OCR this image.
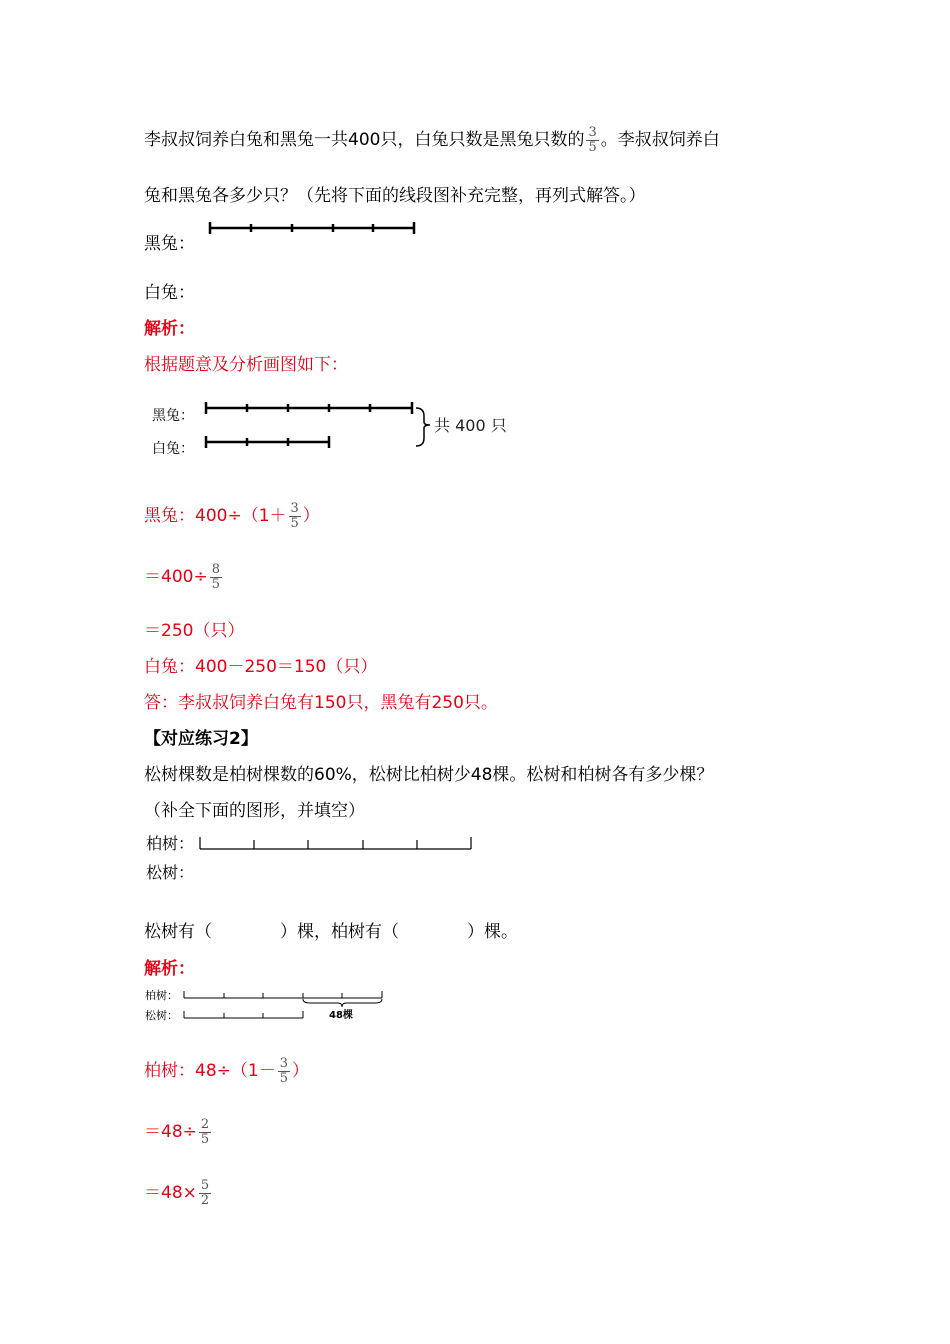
李叔叔饲养白兔和黑兔一共400只，白兔只数是黑兔只数的 $\frac{3}{5}$ 。李叔叔饲养白
兔和黑兔各多少只？（先将下面的线段图补充完整，再列式解答。）
黑兔：
白兔：
解析：
根据题意及分析画图如下：
黑兔：
白兔：
共 400 只
黑兔：$400\div(1+ \frac{3}{5}$ ）
$=400\div \frac{8}{5}$
＝250（只）
白兔：400－250＝150（只）
答：李叔叔饲养白兔有150只，黑兔有250只。
【对应练习2】
松树棵数是柏树棵数的60%，松树比柏树少48棵。松树和柏树各有多少棵？
（补全下面的图形，并填空）
柏树：
松树：
松树有（　　　　）棵，柏树有（　　　　）棵。
解析：
柏树：
松树：	48棵
柏树：$48\div(1- \frac{3}{5}$ ）
$=48\div \frac{2}{5}$
$=48\times \frac{5}{2}$
